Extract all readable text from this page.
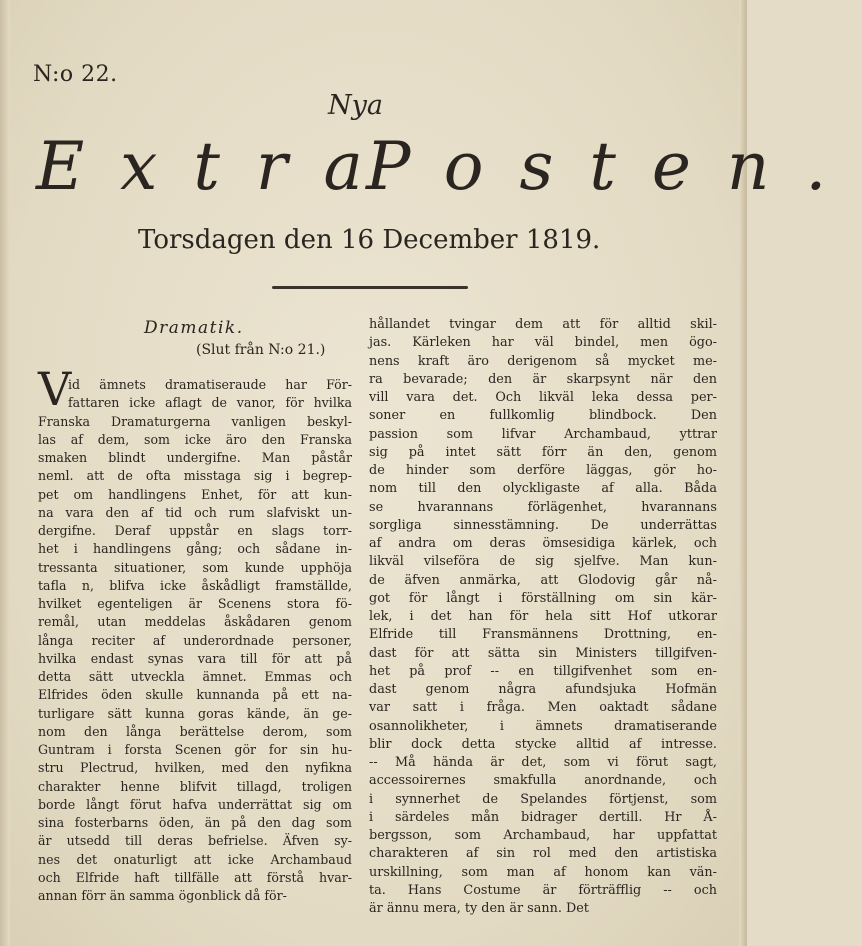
N:o 22.
Nya
Extra
Posten.
Torsdagen den 16 December 1819.
Dramatik.
(Slut från N:o 21.)
V
id ämnets dramatiseraude har För-
fattaren icke aflagt de vanor, för hvilka
Franska Dramaturgerna vanligen beskyl-
las af dem, som icke äro den Franska
smaken blindt undergifne. Man påstår
neml. att de ofta misstaga sig i begrep-
pet om handlingens Enhet, för att kun-
na vara den af tid och rum slafviskt un-
dergifne. Deraf uppstår en slags torr-
het i handlingens gång; och sådane in-
tressanta situationer, som kunde upphöja
tafla n, blifva icke åskådligt framställde,
hvilket egenteligen är Scenens stora fö-
remål, utan meddelas åskådaren genom
långa reciter af underordnade personer,
hvilka endast synas vara till för att på
detta sätt utveckla ämnet. Emmas och
Elfrides öden skulle kunnanda på ett na-
turligare sätt kunna goras kände, än ge-
nom den långa berättelse derom, som
Guntram i forsta Scenen gör for sin hu-
stru Plectrud, hvilken, med den nyfikna
charakter henne blifvit tillagd, troligen
borde långt förut hafva underrättat sig om
sina fosterbarns öden, än på den dag som
är utsedd till deras befrielse. Äfven sy-
nes det onaturligt att icke Archambaud
och Elfride haft tillfälle att förstå hvar-
annan förr än samma ögonblick då för-
hållandet tvingar dem att för alltid skil-
jas. Kärleken har väl bindel, men ögo-
nens kraft äro derigenom så mycket me-
ra bevarade; den är skarpsynt när den
vill vara det. Och likväl leka dessa per-
soner en fullkomlig blindbock. Den
passion som lifvar Archambaud, yttrar
sig på intet sätt förr än den, genom
de hinder som derföre läggas, gör ho-
nom till den olyckligaste af alla. Båda
se hvarannans förlägenhet, hvarannans
sorgliga sinnesstämning. De underrättas
af andra om deras ömsesidiga kärlek, och
likväl vilseföra de sig sjelfve. Man kun-
de äfven anmärka, att Glodovig går nå-
got för långt i förställning om sin kär-
lek, i det han för hela sitt Hof utkorar
Elfride till Fransmännens Drottning, en-
dast för att sätta sin Ministers tillgifven-
het på prof -- en tillgifvenhet som en-
dast genom några afundsjuka Hofmän
var satt i fråga. Men oaktadt sådane
osannolikheter, i ämnets dramatiserande
blir dock detta stycke alltid af intresse.
-- Må hända är det, som vi förut sagt,
accessoirernes smakfulla anordnande, och
i synnerhet de Spelandes förtjenst, som
i särdeles mån bidrager dertill. Hr Å-
bergsson, som Archambaud, har uppfattat
charakteren af sin rol med den artistiska
urskillning, som man af honom kan vän-
ta. Hans Costume är förträfflig -- och
är ännu mera, ty den är sann. Det
